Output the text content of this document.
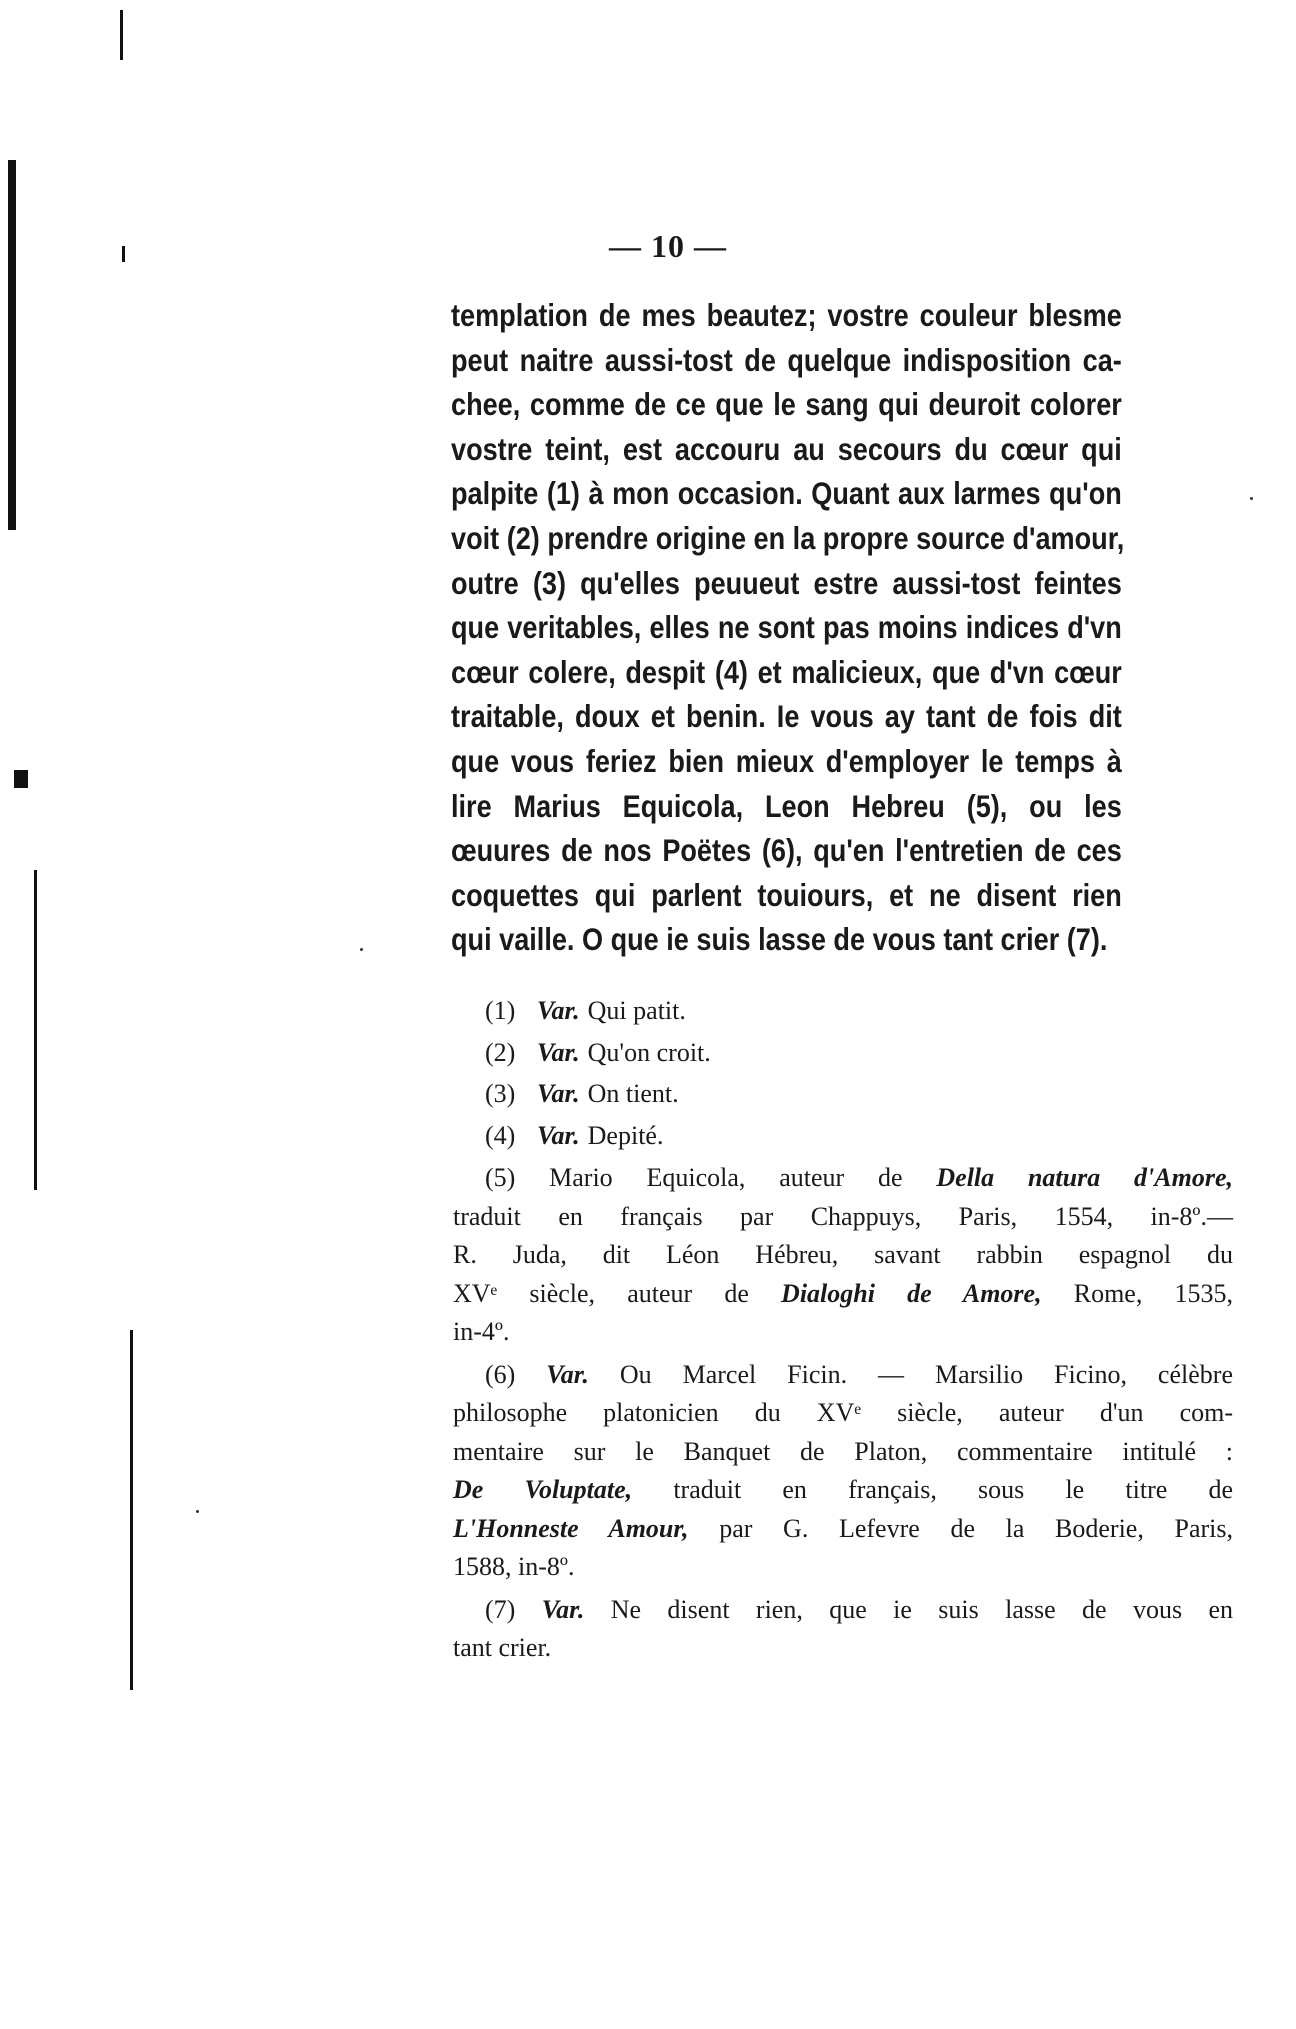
— 10 —
templation de mes beautez; vostre couleur blesme
peut naitre aussi-tost de quelque indisposition ca-
chee, comme de ce que le sang qui deuroit colorer
vostre teint, est accouru au secours du cœur qui
palpite (1) à mon occasion. Quant aux larmes qu'on
voit (2) prendre origine en la propre source d'amour,
outre (3) qu'elles peuueut estre aussi-tost feintes
que veritables, elles ne sont pas moins indices d'vn
cœur colere, despit (4) et malicieux, que d'vn cœur
traitable, doux et benin. Ie vous ay tant de fois dit
que vous feriez bien mieux d'employer le temps à
lire Marius Equicola, Leon Hebreu (5), ou les
œuures de nos Poëtes (6), qu'en l'entretien de ces
coquettes qui parlent touiours, et ne disent rien
qui vaille. O que ie suis lasse de vous tant crier (7).
(1) Var. Qui patit.
(2) Var. Qu'on croit.
(3) Var. On tient.
(4) Var. Depité.
(5) Mario Equicola, auteur de Della natura d'Amore,
traduit en français par Chappuys, Paris, 1554, in-8º.—
R. Juda, dit Léon Hébreu, savant rabbin espagnol du
XVᵉ siècle, auteur de Dialoghi de Amore, Rome, 1535,
in-4º.
(6) Var. Ou Marcel Ficin. — Marsilio Ficino, célèbre
philosophe platonicien du XVᵉ siècle, auteur d'un com-
mentaire sur le Banquet de Platon, commentaire intitulé :
De Voluptate, traduit en français, sous le titre de
L'Honneste Amour, par G. Lefevre de la Boderie, Paris,
1588, in-8º.
(7) Var. Ne disent rien, que ie suis lasse de vous en
tant crier.
